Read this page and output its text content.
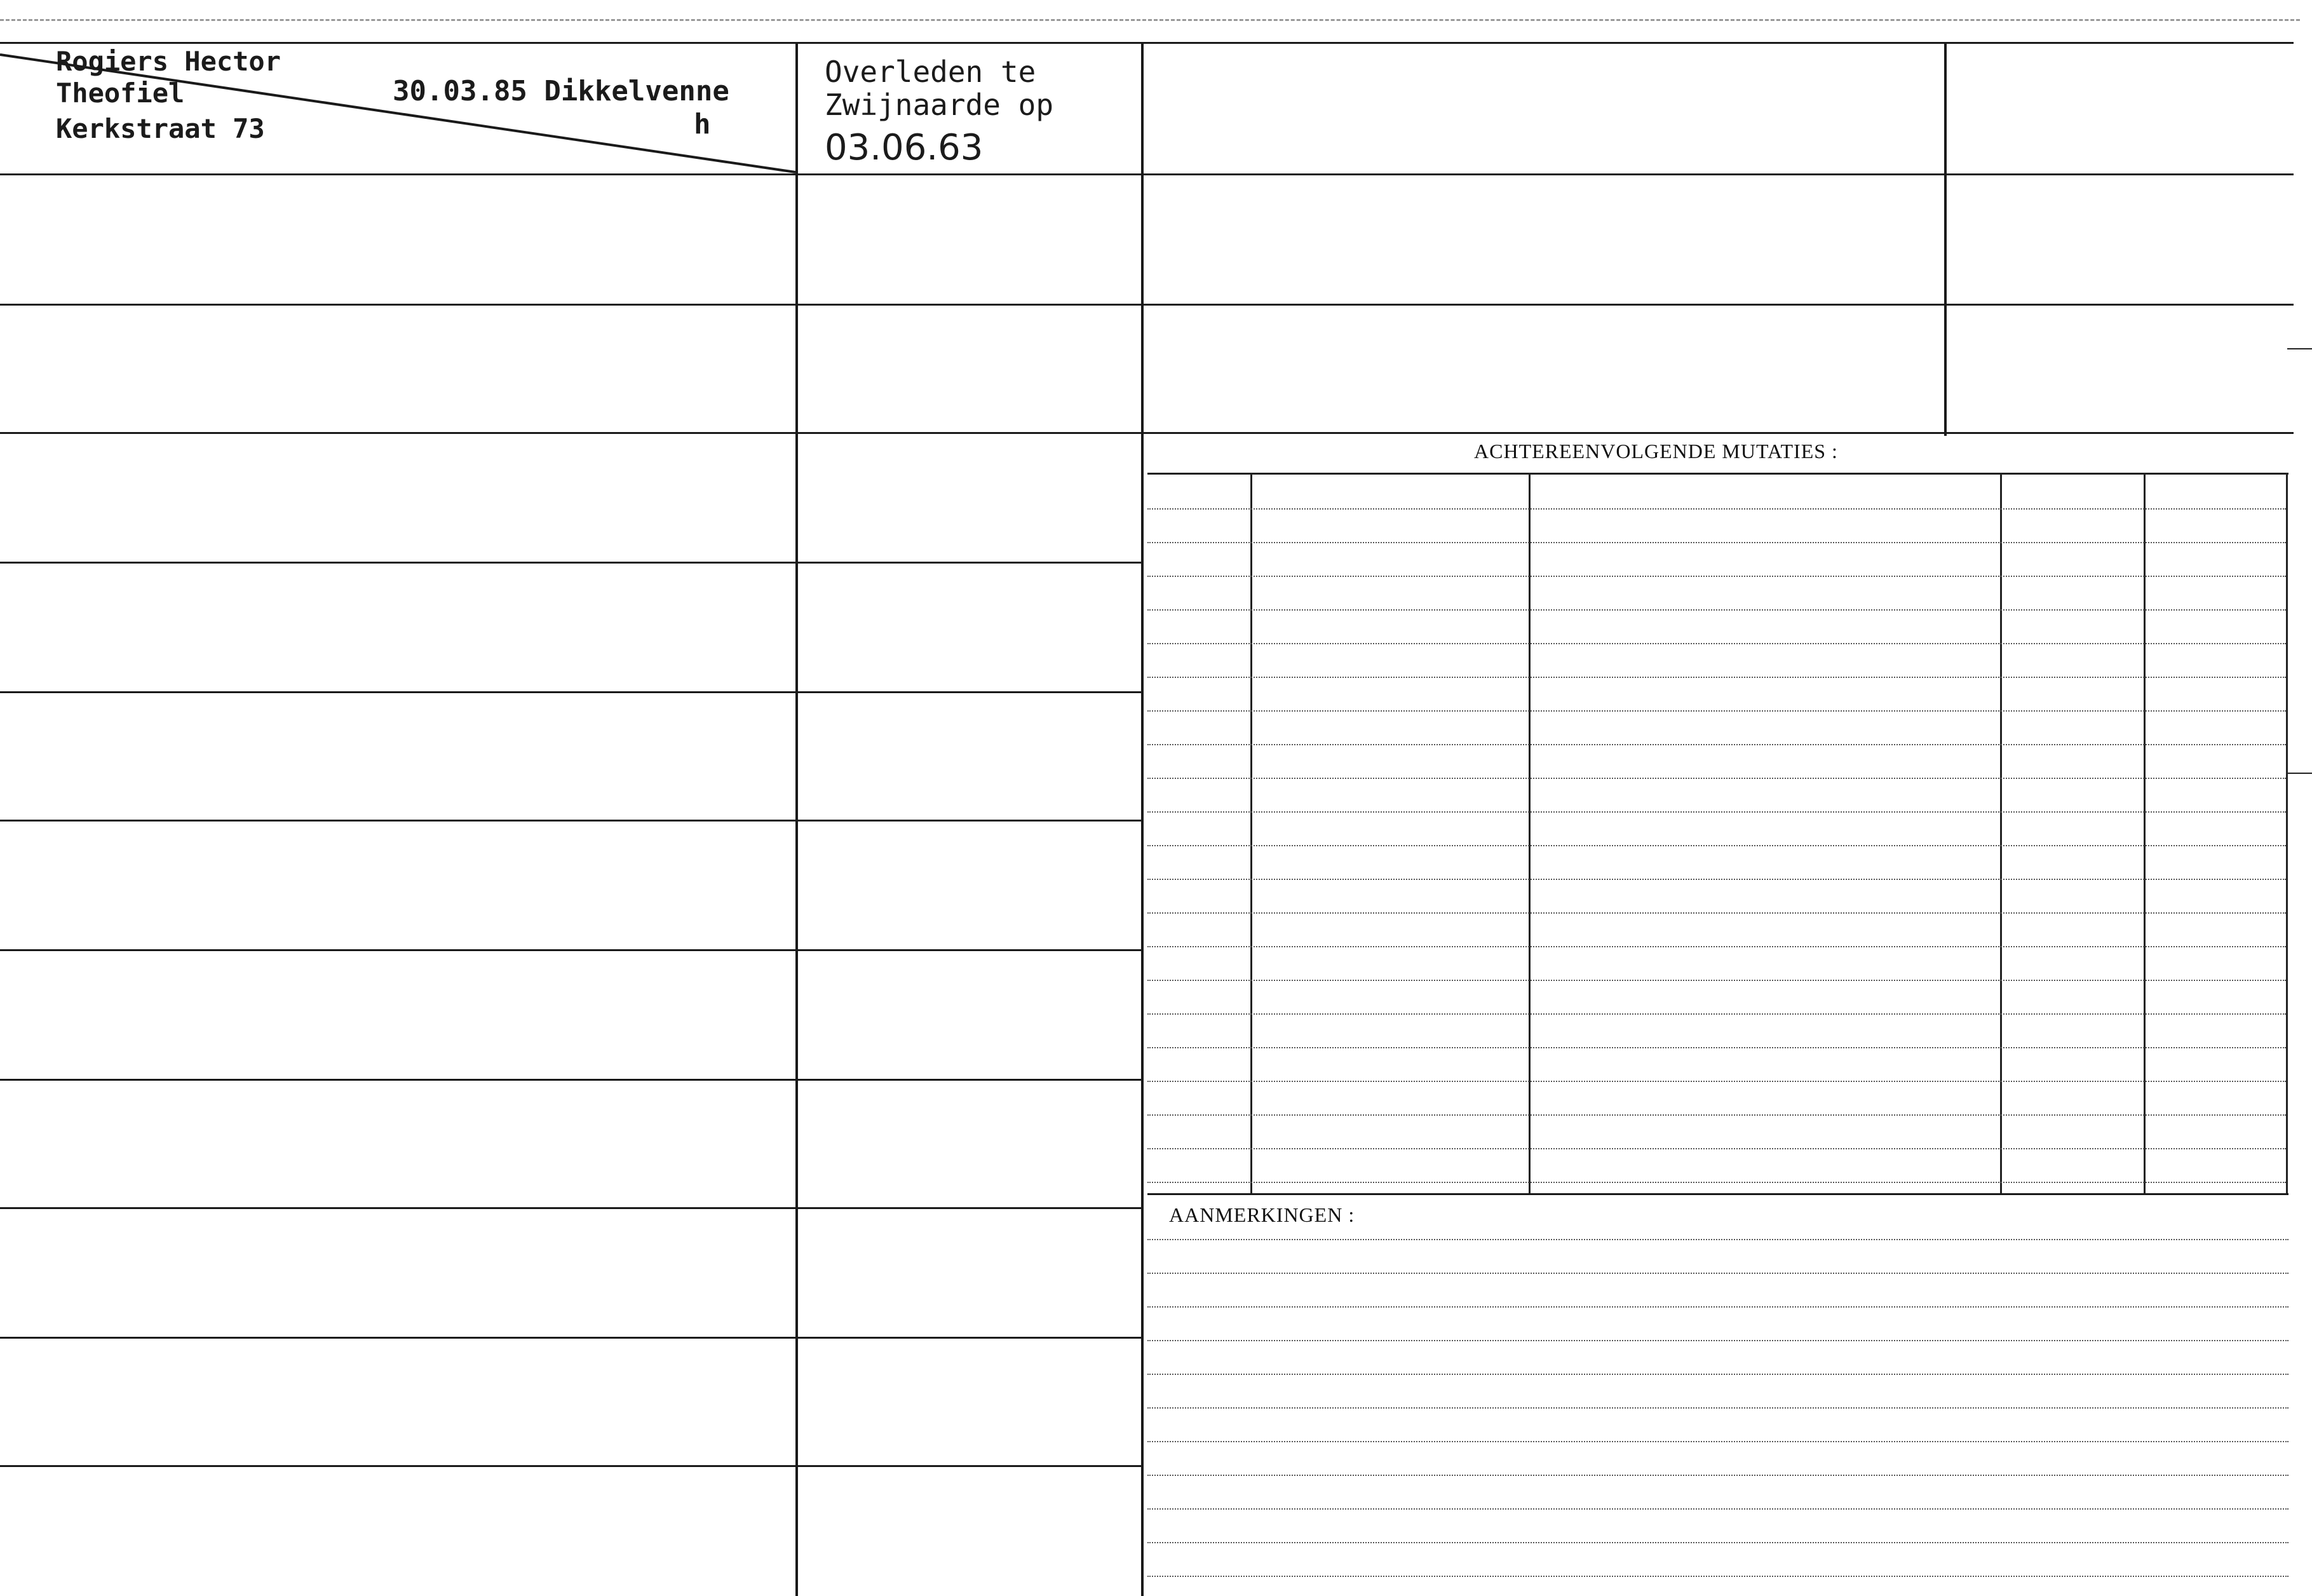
Rogiers Hector
Theofiel
Kerkstraat 73
30.03.85 Dikkelvenne
h
Overleden te
Zwijnaarde op
03.06.63
ACHTEREENVOLGENDE MUTATIES :
AANMERKINGEN :
